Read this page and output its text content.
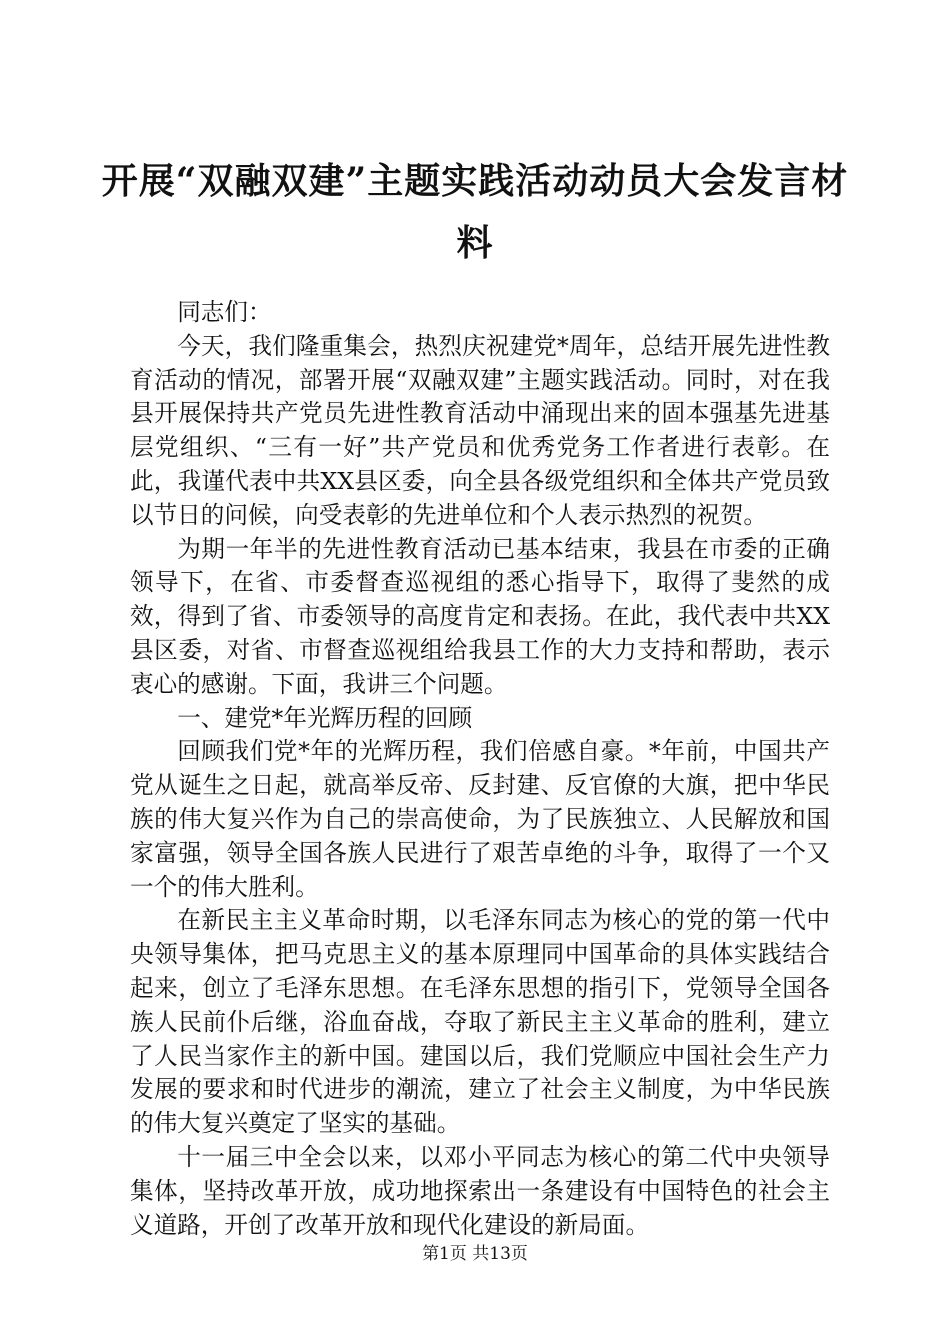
开展“双融双建”主题实践活动动员大会发言材料

同志们：

今天，我们隆重集会，热烈庆祝建党*周年，总结开展先进性教育活动的情况，部署开展“双融双建”主题实践活动。同时，对在我县开展保持共产党员先进性教育活动中涌现出来的固本强基先进基层党组织、“三有一好”共产党员和优秀党务工作者进行表彰。在此，我谨代表中共XX县区委，向全县各级党组织和全体共产党员致以节日的问候，向受表彰的先进单位和个人表示热烈的祝贺。

为期一年半的先进性教育活动已基本结束，我县在市委的正确领导下，在省、市委督查巡视组的悉心指导下，取得了斐然的成效，得到了省、市委领导的高度肯定和表扬。在此，我代表中共XX县区委，对省、市督查巡视组给我县工作的大力支持和帮助，表示衷心的感谢。下面，我讲三个问题。

一、建党*年光辉历程的回顾

回顾我们党*年的光辉历程，我们倍感自豪。*年前，中国共产党从诞生之日起，就高举反帝、反封建、反官僚的大旗，把中华民族的伟大复兴作为自己的崇高使命，为了民族独立、人民解放和国家富强，领导全国各族人民进行了艰苦卓绝的斗争，取得了一个又一个的伟大胜利。

在新民主主义革命时期，以毛泽东同志为核心的党的第一代中央领导集体，把马克思主义的基本原理同中国革命的具体实践结合起来，创立了毛泽东思想。在毛泽东思想的指引下，党领导全国各族人民前仆后继，浴血奋战，夺取了新民主主义革命的胜利，建立了人民当家作主的新中国。建国以后，我们党顺应中国社会生产力发展的要求和时代进步的潮流，建立了社会主义制度，为中华民族的伟大复兴奠定了坚实的基础。

十一届三中全会以来，以邓小平同志为核心的第二代中央领导集体，坚持改革开放，成功地探索出一条建设有中国特色的社会主义道路，开创了改革开放和现代化建设的新局面。

第1页 共13页
